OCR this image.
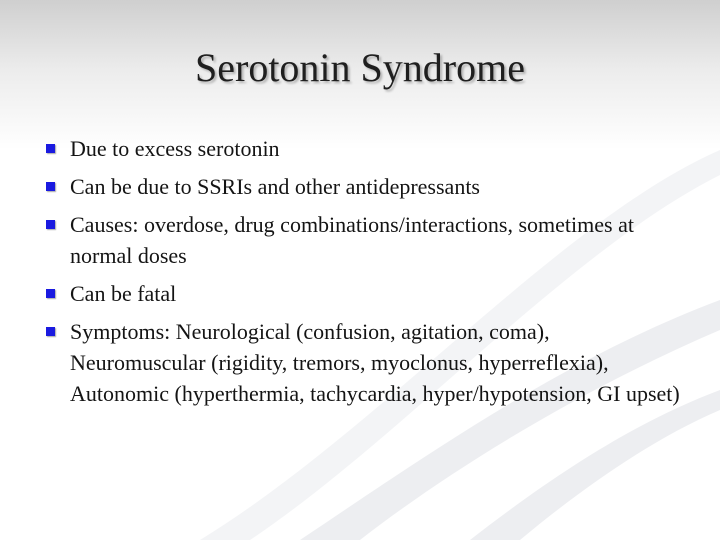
Serotonin Syndrome
Due to excess serotonin
Can be due to SSRIs and other antidepressants
Causes: overdose, drug combinations/interactions, sometimes at normal doses
Can be fatal
Symptoms: Neurological (confusion, agitation, coma), Neuromuscular (rigidity, tremors, myoclonus, hyperreflexia), Autonomic (hyperthermia, tachycardia, hyper/hypotension, GI upset)
